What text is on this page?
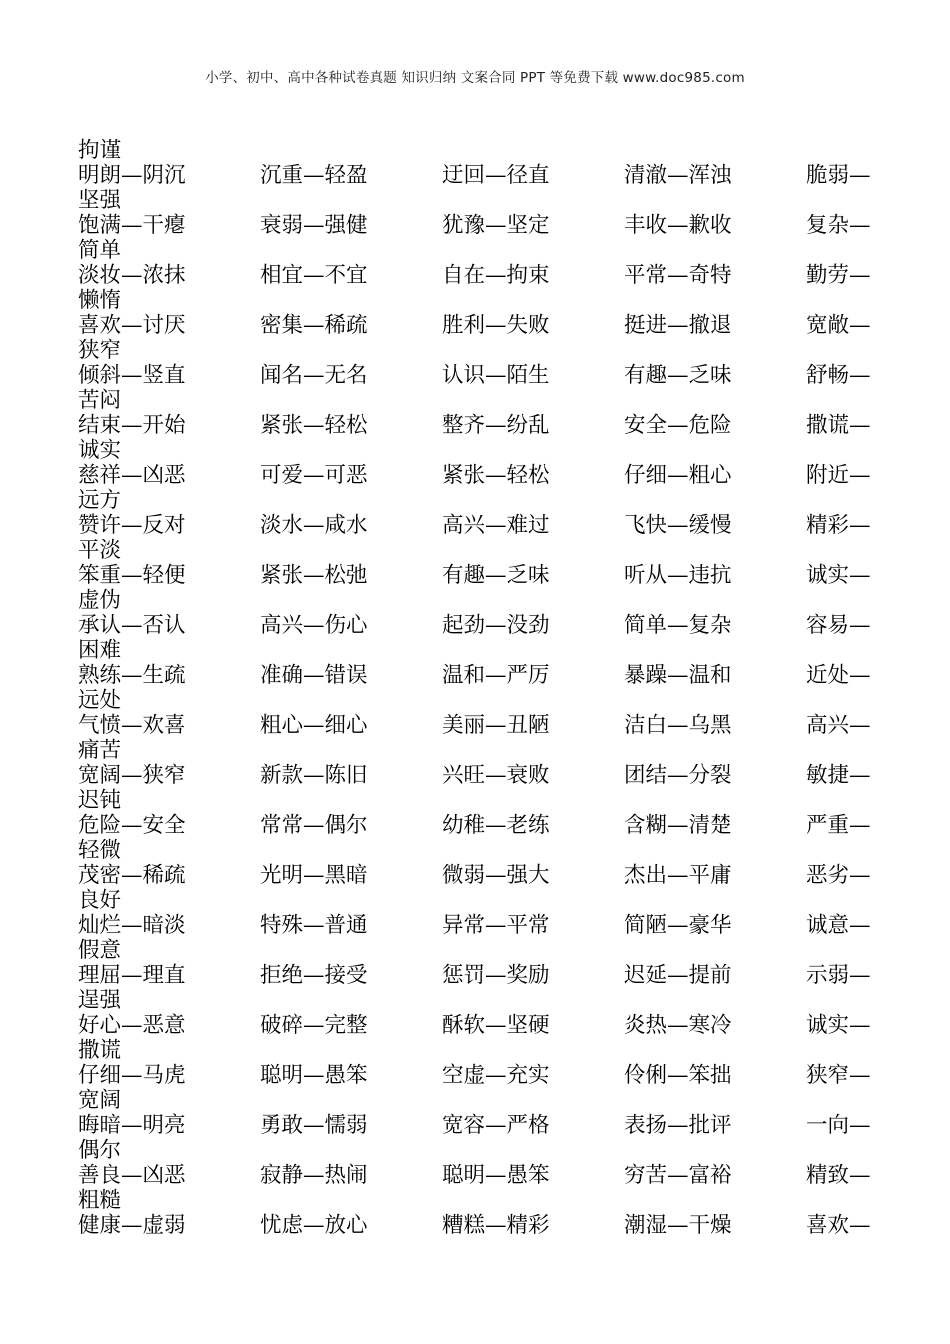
小学、初中、高中各种试卷真题 知识归纳 文案合同 PPT 等免费下载 www.doc985.com
拘谨
明朗—阴沉	沉重—轻盈	迂回—径直	清澈—浑浊	脆弱—
坚强
饱满—干瘪	衰弱—强健	犹豫—坚定	丰收—歉收	复杂—
简单
淡妆—浓抹	相宜—不宜	自在—拘束	平常—奇特	勤劳—
懒惰
喜欢—讨厌	密集—稀疏	胜利—失败	挺进—撤退	宽敞—
狭窄
倾斜—竖直	闻名—无名	认识—陌生	有趣—乏味	舒畅—
苦闷
结束—开始	紧张—轻松	整齐—纷乱	安全—危险	撒谎—
诚实
慈祥—凶恶	可爱—可恶	紧张—轻松	仔细—粗心	附近—
远方
赞许—反对	淡水—咸水	高兴—难过	飞快—缓慢	精彩—
平淡
笨重—轻便	紧张—松弛	有趣—乏味	听从—违抗	诚实—
虚伪
承认—否认	高兴—伤心	起劲—没劲	简单—复杂	容易—
困难
熟练—生疏	准确—错误	温和—严厉	暴躁—温和	近处—
远处
气愤—欢喜	粗心—细心	美丽—丑陋	洁白—乌黑	高兴—
痛苦
宽阔—狭窄	新款—陈旧	兴旺—衰败	团结—分裂	敏捷—
迟钝
危险—安全	常常—偶尔	幼稚—老练	含糊—清楚	严重—
轻微
茂密—稀疏	光明—黑暗	微弱—强大	杰出—平庸	恶劣—
良好
灿烂—暗淡	特殊—普通	异常—平常	简陋—豪华	诚意—
假意
理屈—理直	拒绝—接受	惩罚—奖励	迟延—提前	示弱—
逞强
好心—恶意	破碎—完整	酥软—坚硬	炎热—寒冷	诚实—
撒谎
仔细—马虎	聪明—愚笨	空虚—充实	伶俐—笨拙	狭窄—
宽阔
晦暗—明亮	勇敢—懦弱	宽容—严格	表扬—批评	一向—
偶尔
善良—凶恶	寂静—热闹	聪明—愚笨	穷苦—富裕	精致—
粗糙
健康—虚弱	忧虑—放心	糟糕—精彩	潮湿—干燥	喜欢—
